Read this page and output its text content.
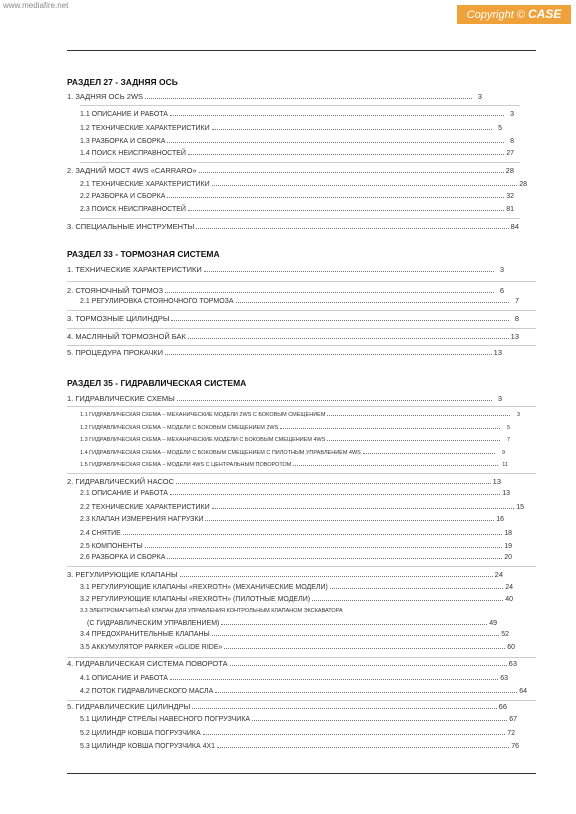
www.mediafire.net
Copyright © CASE
РАЗДЕЛ 27 - ЗАДНЯЯ ОСЬ
1. ЗАДНЯЯ ОСЬ 2WS	3
1.1 ОПИСАНИЕ И РАБОТА	3
1.2 ТЕХНИЧЕСКИЕ ХАРАКТЕРИСТИКИ	5
1.3 РАЗБОРКА И СБОРКА	8
1.4 ПОИСК НЕИСПРАВНОСТЕЙ	27
2. ЗАДНИЙ МОСТ 4WS «CARRARO»	28
2.1 ТЕХНИЧЕСКИЕ ХАРАКТЕРИСТИКИ	28
2.2 РАЗБОРКА И СБОРКА	32
2.3 ПОИСК НЕИСПРАВНОСТЕЙ	81
3. СПЕЦИАЛЬНЫЕ ИНСТРУМЕНТЫ	84
РАЗДЕЛ 33 - ТОРМОЗНАЯ СИСТЕМА
1. ТЕХНИЧЕСКИЕ ХАРАКТЕРИСТИКИ	3
2. СТОЯНОЧНЫЙ ТОРМОЗ	6
2.1 РЕГУЛИРОВКА СТОЯНОЧНОГО ТОРМОЗА	7
3. ТОРМОЗНЫЕ ЦИЛИНДРЫ	8
4. МАСЛЯНЫЙ ТОРМОЗНОЙ БАК	13
5. ПРОЦЕДУРА ПРОКАЧКИ	13
РАЗДЕЛ 35 - ГИДРАВЛИЧЕСКАЯ СИСТЕМА
1. ГИДРАВЛИЧЕСКИЕ СХЕМЫ	3
1.1 ГИДРАВЛИЧЕСКАЯ СХЕМА – МЕХАНИЧЕСКИЕ МОДЕЛИ 2WS С БОКОВЫМ СМЕЩЕНИЕМ	3
1.2 ГИДРАВЛИЧЕСКАЯ СХЕМА – МОДЕЛИ С БОКОВЫМ СМЕЩЕНИЕМ 2WS	5
1.3 ГИДРАВЛИЧЕСКАЯ СХЕМА – МЕХАНИЧЕСКИЕ МОДЕЛИ С БОКОВЫМ СМЕЩЕНИЕМ 4WS	7
1.4 ГИДРАВЛИЧЕСКАЯ СХЕМА – МОДЕЛИ С БОКОВЫМ СМЕЩЕНИЕМ С ПИЛОТНЫМ УПРАВЛЕНИЕМ 4WS	9
1.5 ГИДРАВЛИЧЕСКАЯ СХЕМА – МОДЕЛИ 4WS С ЦЕНТРАЛЬНЫМ ПОВОРОТОМ	11
2. ГИДРАВЛИЧЕСКИЙ НАСОС	13
2.1 ОПИСАНИЕ И РАБОТА	13
2.2 ТЕХНИЧЕСКИЕ ХАРАКТЕРИСТИКИ	15
2.3 КЛАПАН ИЗМЕРЕНИЯ НАГРУЗКИ	16
2.4 СНЯТИЕ	18
2.5 КОМПОНЕНТЫ	19
2.6 РАЗБОРКА И СБОРКА	20
3. РЕГУЛИРУЮЩИЕ КЛАПАНЫ	24
3.1 РЕГУЛИРУЮЩИЕ КЛАПАНЫ «REXROTH» (МЕХАНИЧЕСКИЕ МОДЕЛИ)	24
3.2 РЕГУЛИРУЮЩИЕ КЛАПАНЫ «REXROTH» (ПИЛОТНЫЕ МОДЕЛИ)	40
3.3 ЭЛЕКТРОМАГНИТНЫЙ КЛАПАН ДЛЯ УПРАВЛЕНИЯ КОНТРОЛЬНЫМ КЛАПАНОМ ЭКСКАВАТОРА
(С ГИДРАВЛИЧЕСКИМ УПРАВЛЕНИЕМ)	49
3.4 ПРЕДОХРАНИТЕЛЬНЫЕ КЛАПАНЫ	52
3.5 АККУМУЛЯТОР PARKER «GLIDE RIDE»	60
4. ГИДРАВЛИЧЕСКАЯ СИСТЕМА ПОВОРОТА	63
4.1 ОПИСАНИЕ И РАБОТА	63
4.2 ПОТОК ГИДРАВЛИЧЕСКОГО МАСЛА	64
5. ГИДРАВЛИЧЕСКИЕ ЦИЛИНДРЫ	66
5.1 ЦИЛИНДР СТРЕЛЫ НАВЕСНОГО ПОГРУЗЧИКА	67
5.2 ЦИЛИНДР КОВША ПОГРУЗЧИКА	72
5.3 ЦИЛИНДР КОВША ПОГРУЗЧИКА 4X1	76
